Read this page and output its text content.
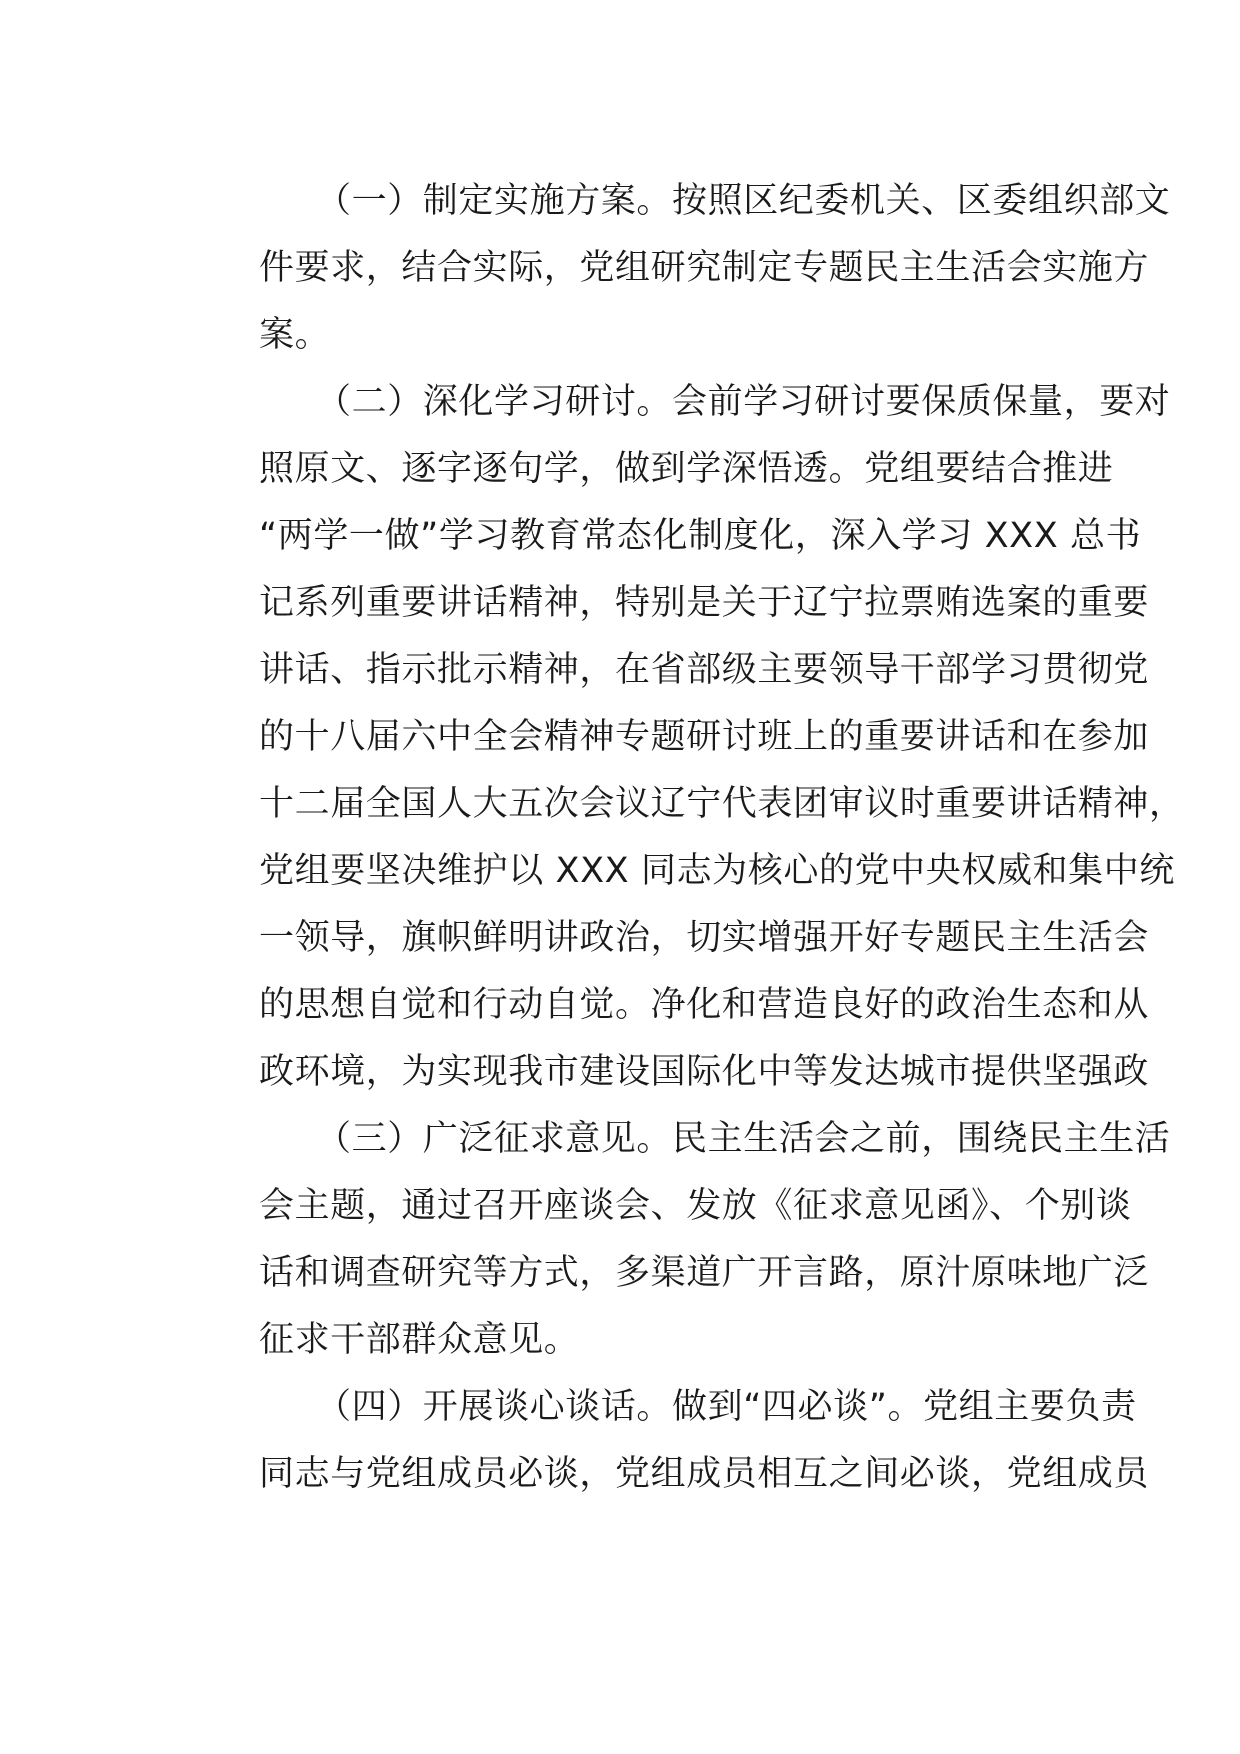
（一）制定实施方案。按照区纪委机关、区委组织部文
件要求，结合实际，党组研究制定专题民主生活会实施方
案。
（二）深化学习研讨。会前学习研讨要保质保量，要对
照原文、逐字逐句学，做到学深悟透。党组要结合推进
“两学一做”学习教育常态化制度化，深入学习 XXX 总书
记系列重要讲话精神，特别是关于辽宁拉票贿选案的重要
讲话、指示批示精神，在省部级主要领导干部学习贯彻党
的十八届六中全会精神专题研讨班上的重要讲话和在参加
十二届全国人大五次会议辽宁代表团审议时重要讲话精神，
党组要坚决维护以 XXX 同志为核心的党中央权威和集中统
一领导，旗帜鲜明讲政治，切实增强开好专题民主生活会
的思想自觉和行动自觉。净化和营造良好的政治生态和从
政环境，为实现我市建设国际化中等发达城市提供坚强政
（三）广泛征求意见。民主生活会之前，围绕民主生活
会主题，通过召开座谈会、发放《征求意见函》、个别谈
话和调查研究等方式，多渠道广开言路，原汁原味地广泛
征求干部群众意见。
（四）开展谈心谈话。做到“四必谈”。党组主要负责
同志与党组成员必谈，党组成员相互之间必谈，党组成员
